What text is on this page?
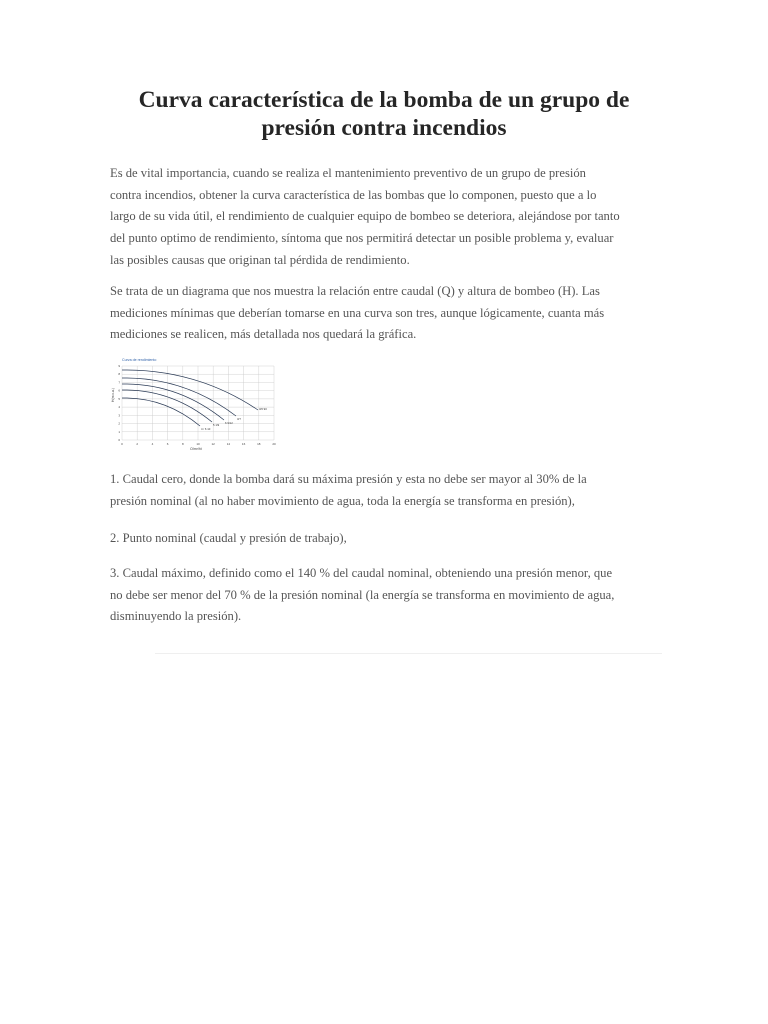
Curva característica de la bomba de un grupo de
presión contra incendios

Es de vital importancia, cuando se realiza el mantenimiento preventivo de un grupo de presión
contra incendios, obtener la curva característica de las bombas que lo componen, puesto que a lo
largo de su vida útil, el rendimiento de cualquier equipo de bombeo se deteriora, alejándose por tanto
del punto optimo de rendimiento, síntoma que nos permitirá detectar un posible problema y, evaluar
las posibles causas que originan tal pérdida de rendimiento.

Se trata de un diagrama que nos muestra la relación entre caudal (Q) y altura de bombeo (H). Las
mediciones mínimas que deberían tomarse en una curva son tres, aunque lógicamente, cuanta más
mediciones se realicen, más detallada nos quedará la gráfica.

Curva de rendimiento
H(m c.a.)
Q(m³/h)
0	2	4	6	8	10	12	14	16	18	20
9
8
7
6
5
4
3
2
1
0
3/6 90
3/7
6 9/12
5 1/9
4 / 6 10

1. Caudal cero, donde la bomba dará su máxima presión y esta no debe ser mayor al 30% de la
presión nominal (al no haber movimiento de agua, toda la energía se transforma en presión),

2. Punto nominal (caudal y presión de trabajo),

3. Caudal máximo, definido como el 140 % del caudal nominal, obteniendo una presión menor, que
no debe ser menor del 70 % de la presión nominal (la energía se transforma en movimiento de agua,
disminuyendo la presión).
